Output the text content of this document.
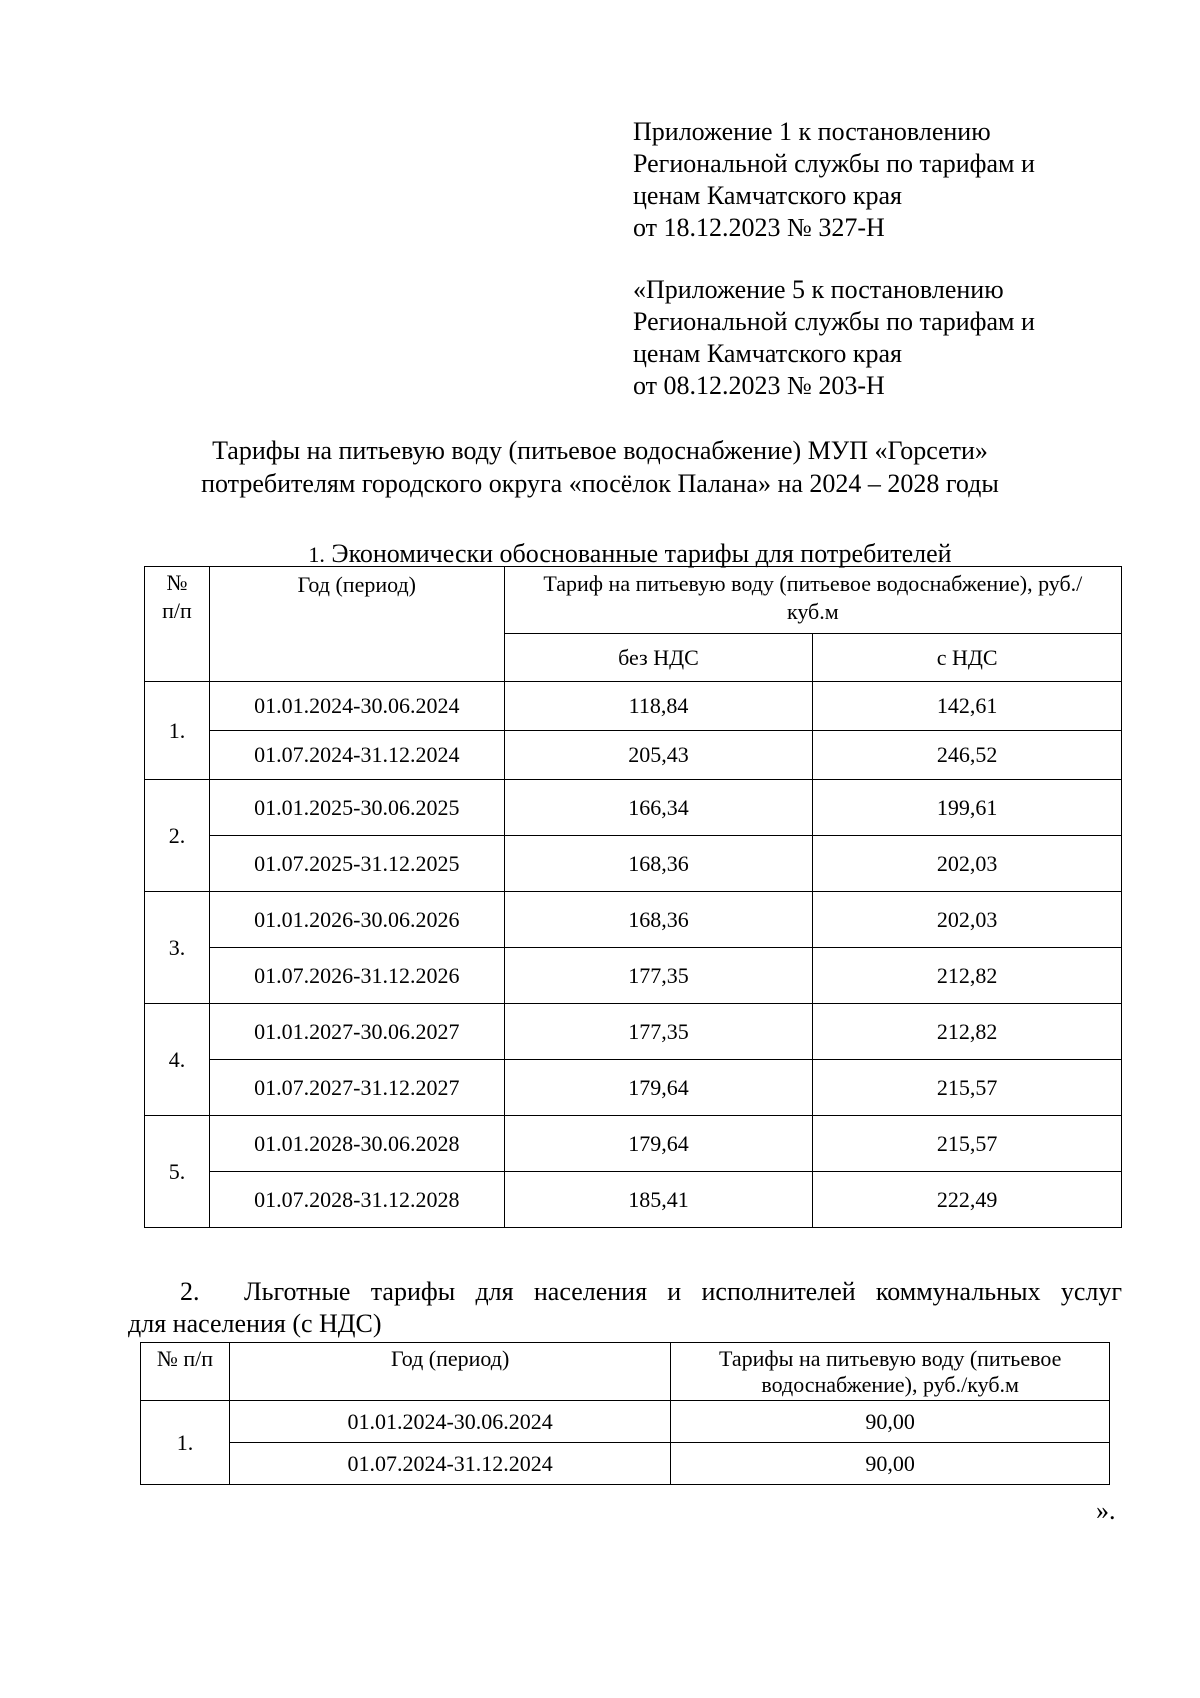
Приложение 1 к постановлению
Региональной службы по тарифам и
ценам Камчатского края
от 18.12.2023 № 327-Н
«Приложение 5 к постановлению
Региональной службы по тарифам и
ценам Камчатского края
от 08.12.2023 № 203-Н
Тарифы на питьевую воду (питьевое водоснабжение) МУП «Горсети»
потребителям городского округа «посёлок Палана» на 2024 – 2028 годы
1. Экономически обоснованные тарифы для потребителей
№ п/п	Год (период)	Тариф на питьевую воду (питьевое водоснабжение), руб./куб.м	
		без НДС	с НДС
1.	01.01.2024-30.06.2024	118,84	142,61
	01.07.2024-31.12.2024	205,43	246,52
2.	01.01.2025-30.06.2025	166,34	199,61
	01.07.2025-31.12.2025	168,36	202,03
3.	01.01.2026-30.06.2026	168,36	202,03
	01.07.2026-31.12.2026	177,35	212,82
4.	01.01.2027-30.06.2027	177,35	212,82
	01.07.2027-31.12.2027	179,64	215,57
5.	01.01.2028-30.06.2028	179,64	215,57
	01.07.2028-31.12.2028	185,41	222,49
2. Льготные тарифы для населения и исполнителей коммунальных услуг
для населения (с НДС)
№ п/п	Год (период)	Тарифы на питьевую воду (питьевое водоснабжение), руб./куб.м
1.	01.01.2024-30.06.2024	90,00
	01.07.2024-31.12.2024	90,00
».
